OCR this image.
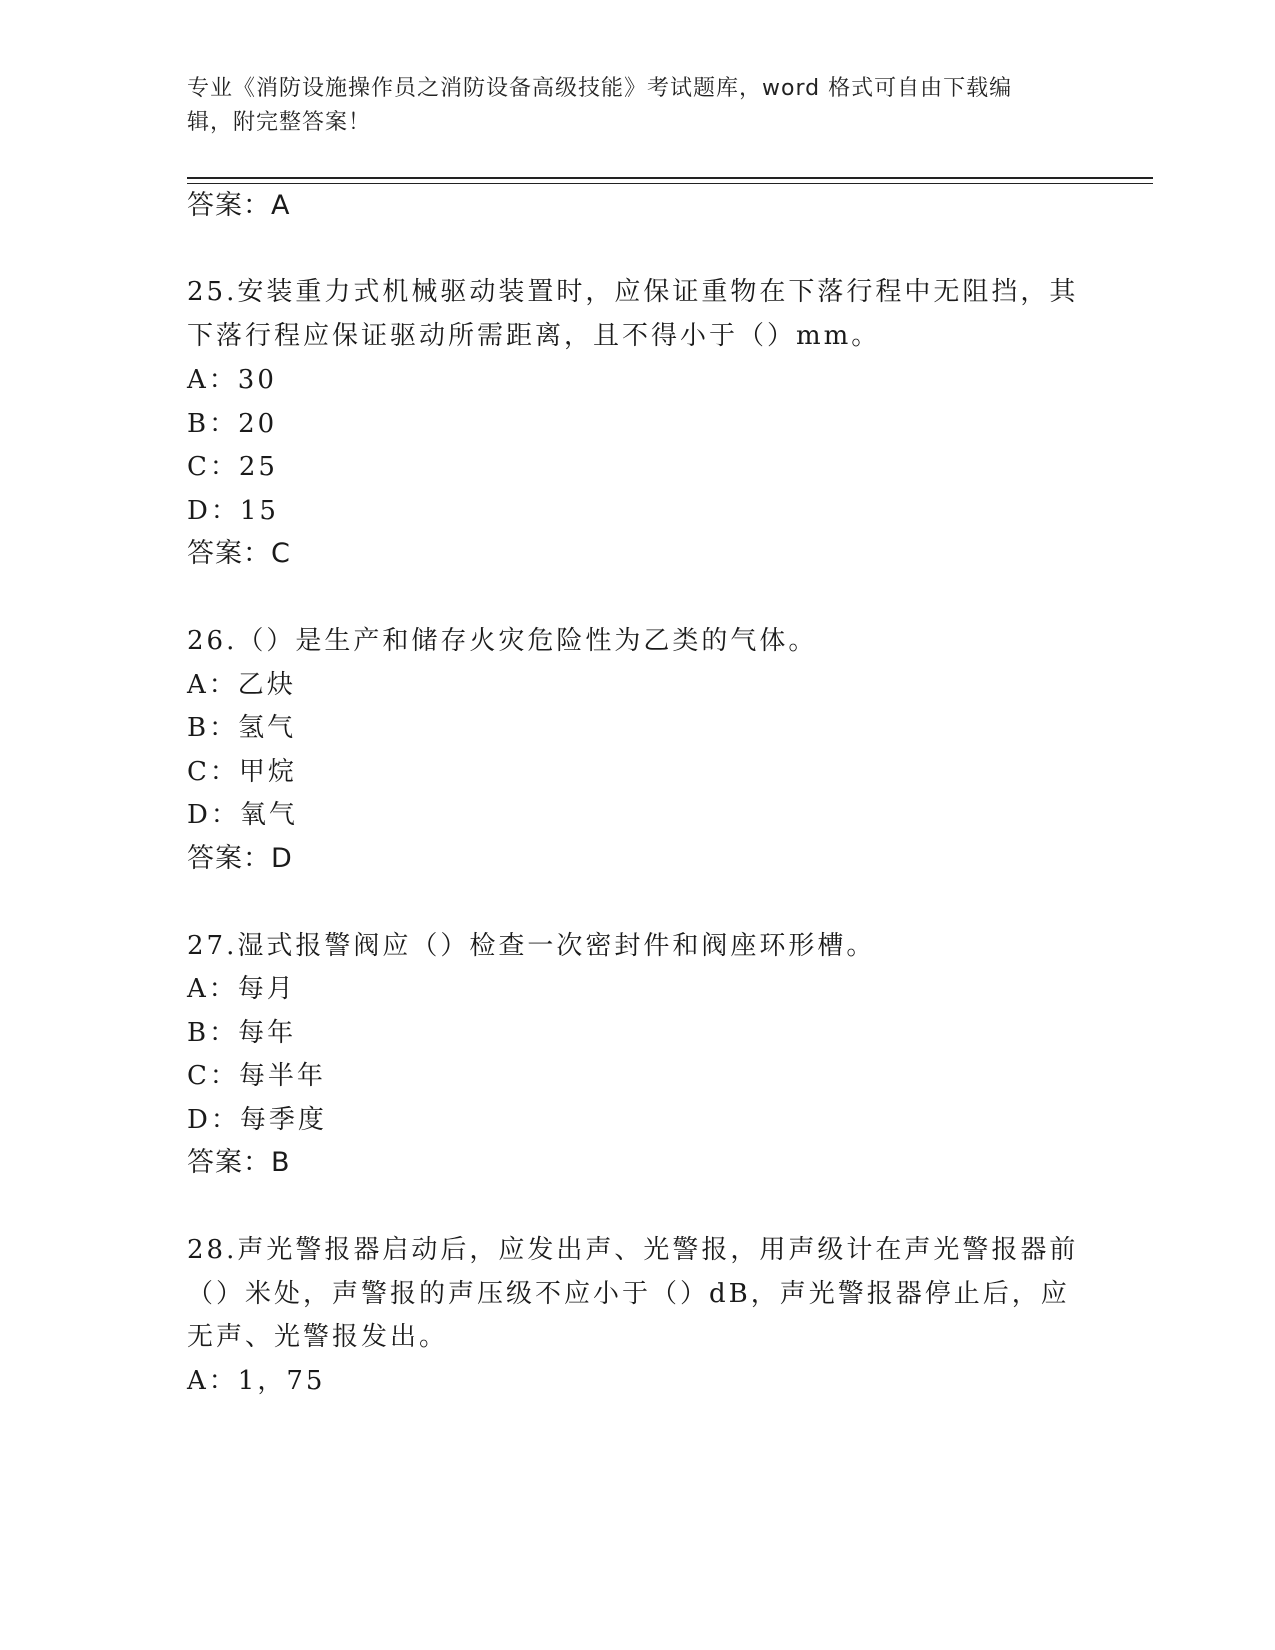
专业《消防设施操作员之消防设备高级技能》考试题库，word 格式可自由下载编
辑，附完整答案！
答案：A
25.安装重力式机械驱动装置时，应保证重物在下落行程中无阻挡，其
下落行程应保证驱动所需距离，且不得小于（）mm。
A：30
B：20
C：25
D：15
答案：C
26.（）是生产和储存火灾危险性为乙类的气体。
A：乙炔
B：氢气
C：甲烷
D：氧气
答案：D
27.湿式报警阀应（）检查一次密封件和阀座环形槽。
A：每月
B：每年
C：每半年
D：每季度
答案：B
28.声光警报器启动后，应发出声、光警报，用声级计在声光警报器前
（）米处，声警报的声压级不应小于（）dB，声光警报器停止后，应
无声、光警报发出。
A：1，75
